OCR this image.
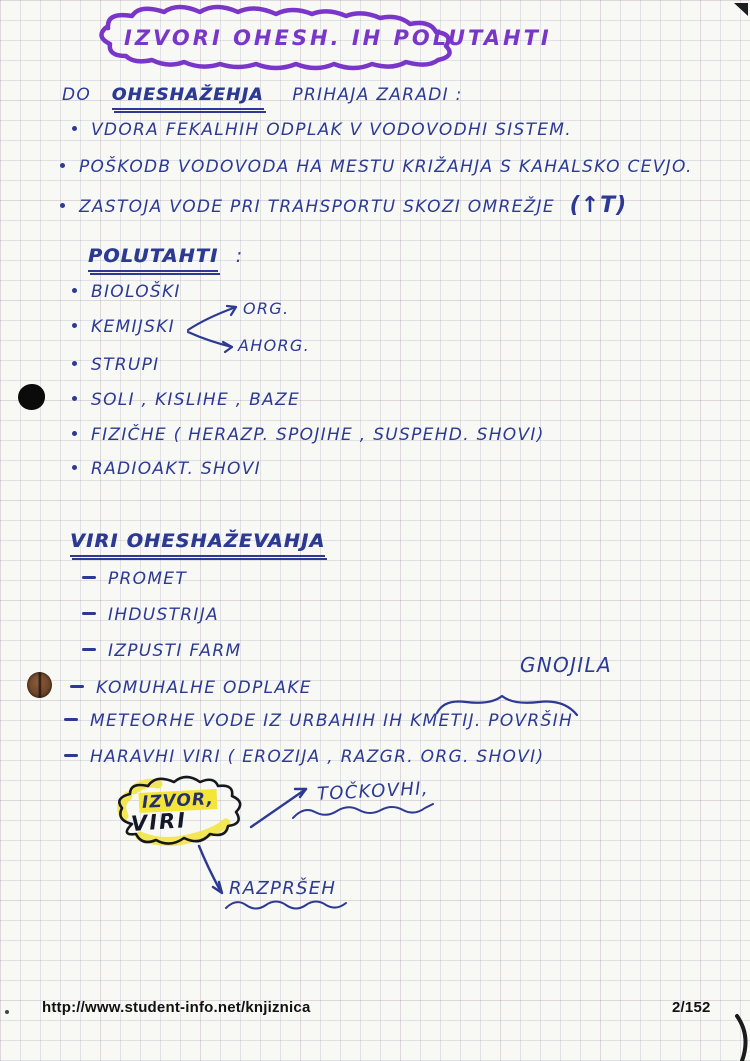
IZVORI OHESH. IH POLUTAHTI
DO OHESHAŽEHJA PRIHAJA ZARADI :
VDORA FEKALHIH ODPLAK V VODOVODHI SISTEM.
POŠKODB VODOVODA HA MESTU KRIŽAHJA S KAHALSKO CEVJO.
ZASTOJA VODE PRI TRAHSPORTU SKOZI OMREŽJE (↑T)
POLUTAHTI :
BIOLOŠKI
ORG.
KEMIJSKI
AHORG.
STRUPI
SOLI , KISLIHE , BAZE
FIZIČHE ( HERAZP. SPOJIHE , SUSPEHD. SHOVI)
RADIOAKT. SHOVI
VIRI OHESHAŽEVAHJA
PROMET
IHDUSTRIJA
IZPUSTI FARM
GNOJILA
KOMUHALHE ODPLAKE
METEORHE VODE IZ URBAHIH IH KMETIJ. POVRŠIH
HARAVHI VIRI ( EROZIJA , RAZGR. ORG. SHOVI)
IZVOR,
VIRI
TOČKOVHI,
RAZPRŠEH
http://www.student-info.net/knjiznica	2/152
